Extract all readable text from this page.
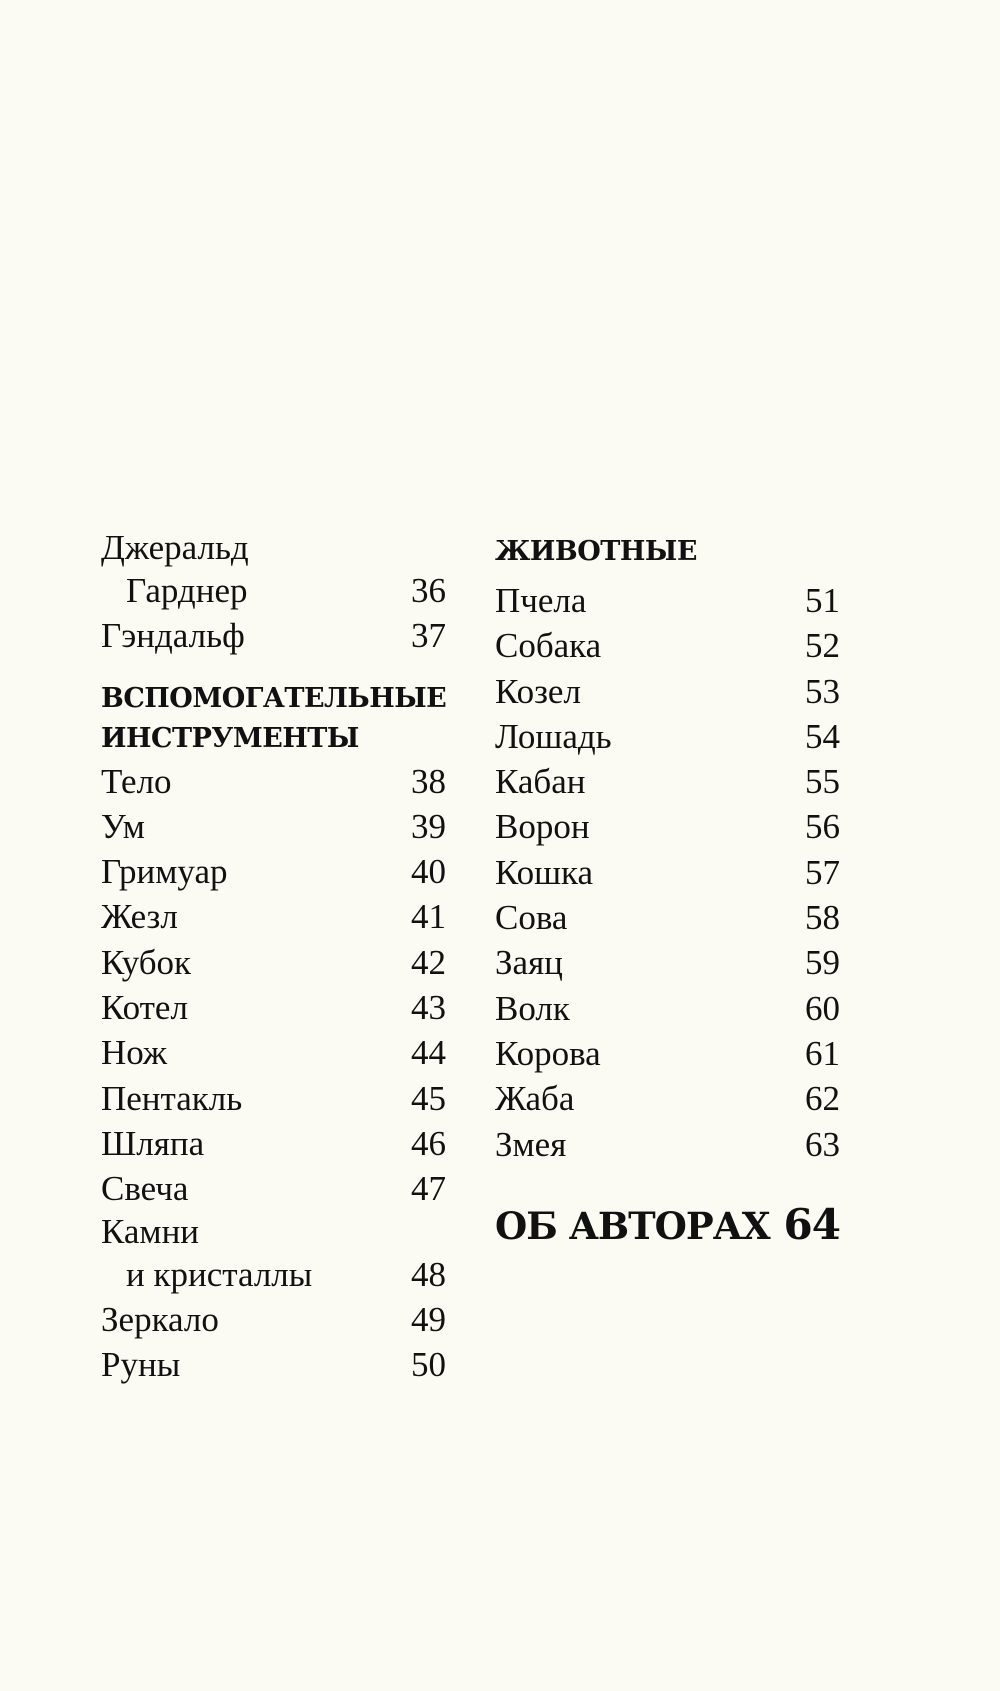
Джеральд
Гарднер	36
Гэндальф	37
ВСПОМОГАТЕЛЬНЫЕ
ИНСТРУМЕНТЫ
Тело	38
Ум	39
Гримуар	40
Жезл	41
Кубок	42
Котел	43
Нож	44
Пентакль	45
Шляпа	46
Свеча	47
Камни
и кристаллы	48
Зеркало	49
Руны	50
ЖИВОТНЫЕ
Пчела	51
Собака	52
Козел	53
Лошадь	54
Кабан	55
Ворон	56
Кошка	57
Сова	58
Заяц	59
Волк	60
Корова	61
Жаба	62
Змея	63
ОБ АВТОРАХ 64
